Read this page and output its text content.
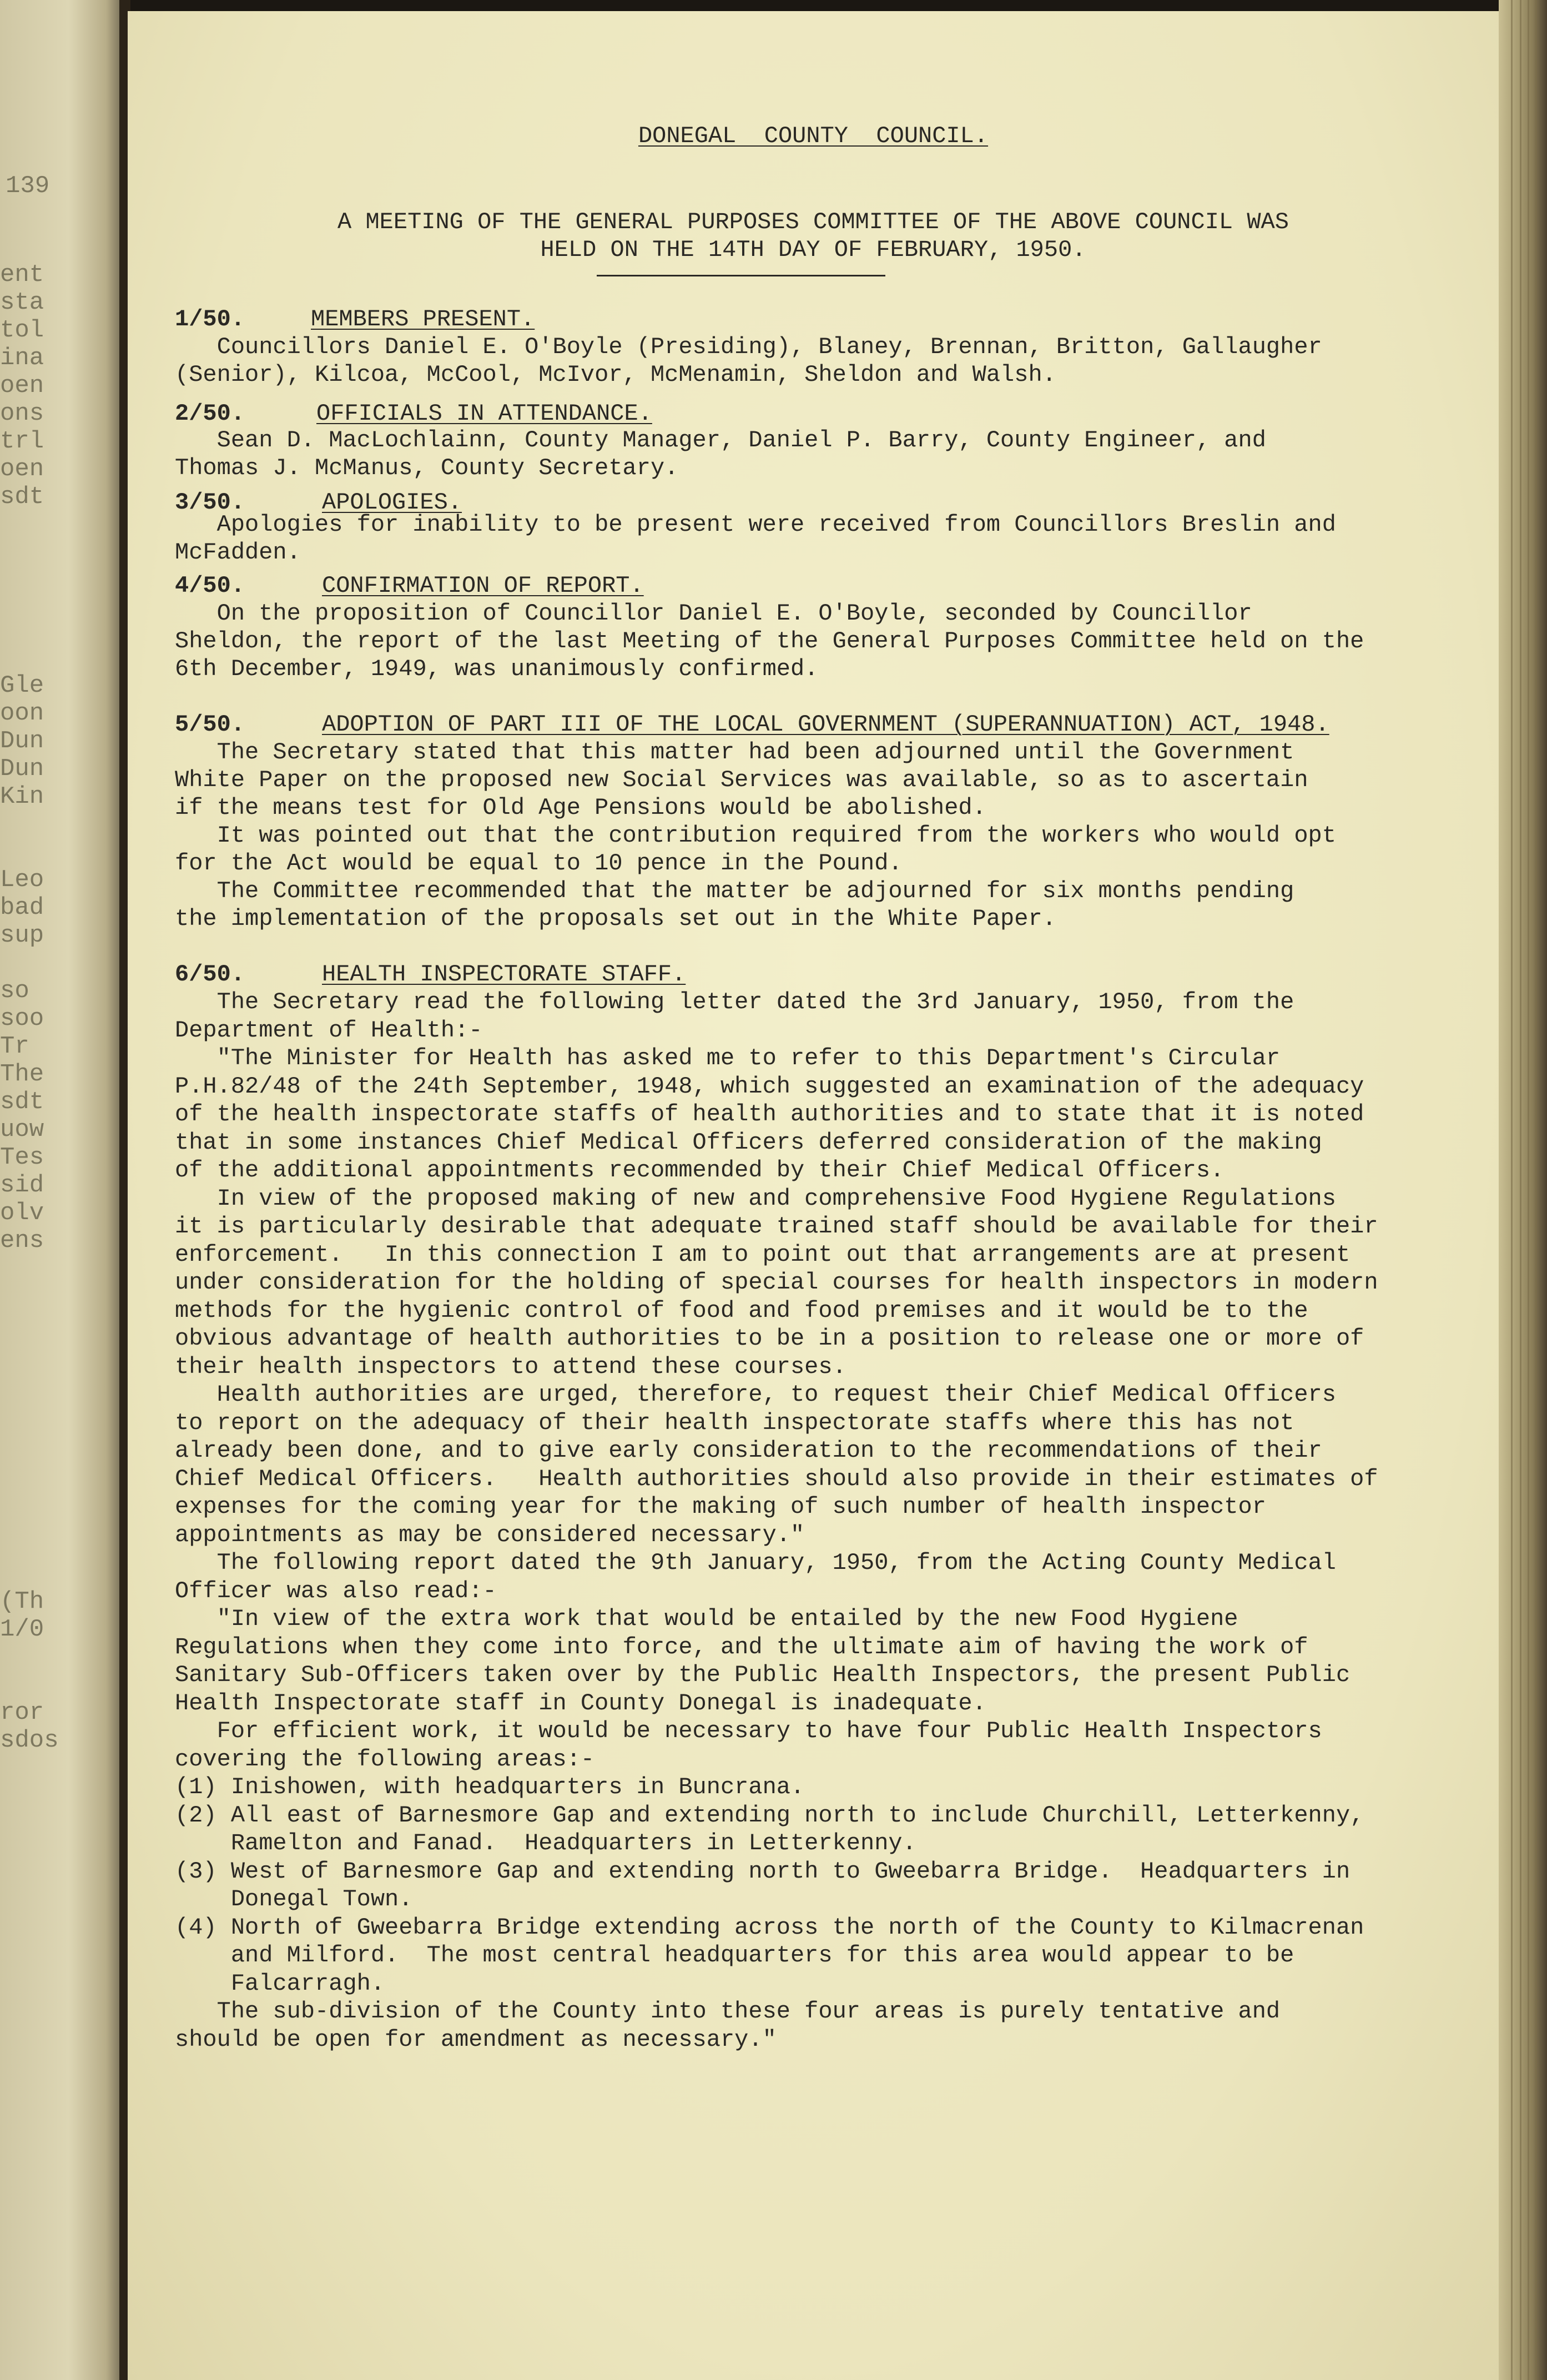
139
ent
sta
tol
ina
oen
ons
trl
oen
sdt
Gle
oon
Dun
Dun
Kin
Leo
bad
sup
so
soo
Tr
The
sdt
uow
Tes
sid
olv
ens
(Th
1/0
ror
sdos
DONEGAL  COUNTY  COUNCIL.
A MEETING OF THE GENERAL PURPOSES COMMITTEE OF THE ABOVE COUNCIL WAS
HELD ON THE 14TH DAY OF FEBRUARY, 1950.
1/50.	MEMBERS PRESENT.
Councillors Daniel E. O'Boyle (Presiding), Blaney, Brennan, Britton, Gallaugher
(Senior), Kilcoa, McCool, McIvor, McMenamin, Sheldon and Walsh.
2/50.	OFFICIALS IN ATTENDANCE.
Sean D. MacLochlainn, County Manager, Daniel P. Barry, County Engineer, and
Thomas J. McManus, County Secretary.
3/50.	APOLOGIES.
Apologies for inability to be present were received from Councillors Breslin and
McFadden.
4/50.	CONFIRMATION OF REPORT.
On the proposition of Councillor Daniel E. O'Boyle, seconded by Councillor
Sheldon, the report of the last Meeting of the General Purposes Committee held on the
6th December, 1949, was unanimously confirmed.
5/50.	ADOPTION OF PART III OF THE LOCAL GOVERNMENT (SUPERANNUATION) ACT, 1948.
The Secretary stated that this matter had been adjourned until the Government
White Paper on the proposed new Social Services was available, so as to ascertain
if the means test for Old Age Pensions would be abolished.
It was pointed out that the contribution required from the workers who would opt
for the Act would be equal to 10 pence in the Pound.
The Committee recommended that the matter be adjourned for six months pending
the implementation of the proposals set out in the White Paper.
6/50.	HEALTH INSPECTORATE STAFF.
The Secretary read the following letter dated the 3rd January, 1950, from the
Department of Health:-
"The Minister for Health has asked me to refer to this Department's Circular
P.H.82/48 of the 24th September, 1948, which suggested an examination of the adequacy
of the health inspectorate staffs of health authorities and to state that it is noted
that in some instances Chief Medical Officers deferred consideration of the making
of the additional appointments recommended by their Chief Medical Officers.
In view of the proposed making of new and comprehensive Food Hygiene Regulations
it is particularly desirable that adequate trained staff should be available for their
enforcement.   In this connection I am to point out that arrangements are at present
under consideration for the holding of special courses for health inspectors in modern
methods for the hygienic control of food and food premises and it would be to the
obvious advantage of health authorities to be in a position to release one or more of
their health inspectors to attend these courses.
Health authorities are urged, therefore, to request their Chief Medical Officers
to report on the adequacy of their health inspectorate staffs where this has not
already been done, and to give early consideration to the recommendations of their
Chief Medical Officers.   Health authorities should also provide in their estimates of
expenses for the coming year for the making of such number of health inspector
appointments as may be considered necessary."
The following report dated the 9th January, 1950, from the Acting County Medical
Officer was also read:-
"In view of the extra work that would be entailed by the new Food Hygiene
Regulations when they come into force, and the ultimate aim of having the work of
Sanitary Sub-Officers taken over by the Public Health Inspectors, the present Public
Health Inspectorate staff in County Donegal is inadequate.
For efficient work, it would be necessary to have four Public Health Inspectors
covering the following areas:-
(1) Inishowen, with headquarters in Buncrana.
(2) All east of Barnesmore Gap and extending north to include Churchill, Letterkenny,
Ramelton and Fanad.  Headquarters in Letterkenny.
(3) West of Barnesmore Gap and extending north to Gweebarra Bridge.  Headquarters in
Donegal Town.
(4) North of Gweebarra Bridge extending across the north of the County to Kilmacrenan
and Milford.  The most central headquarters for this area would appear to be
Falcarragh.
The sub-division of the County into these four areas is purely tentative and
should be open for amendment as necessary."
